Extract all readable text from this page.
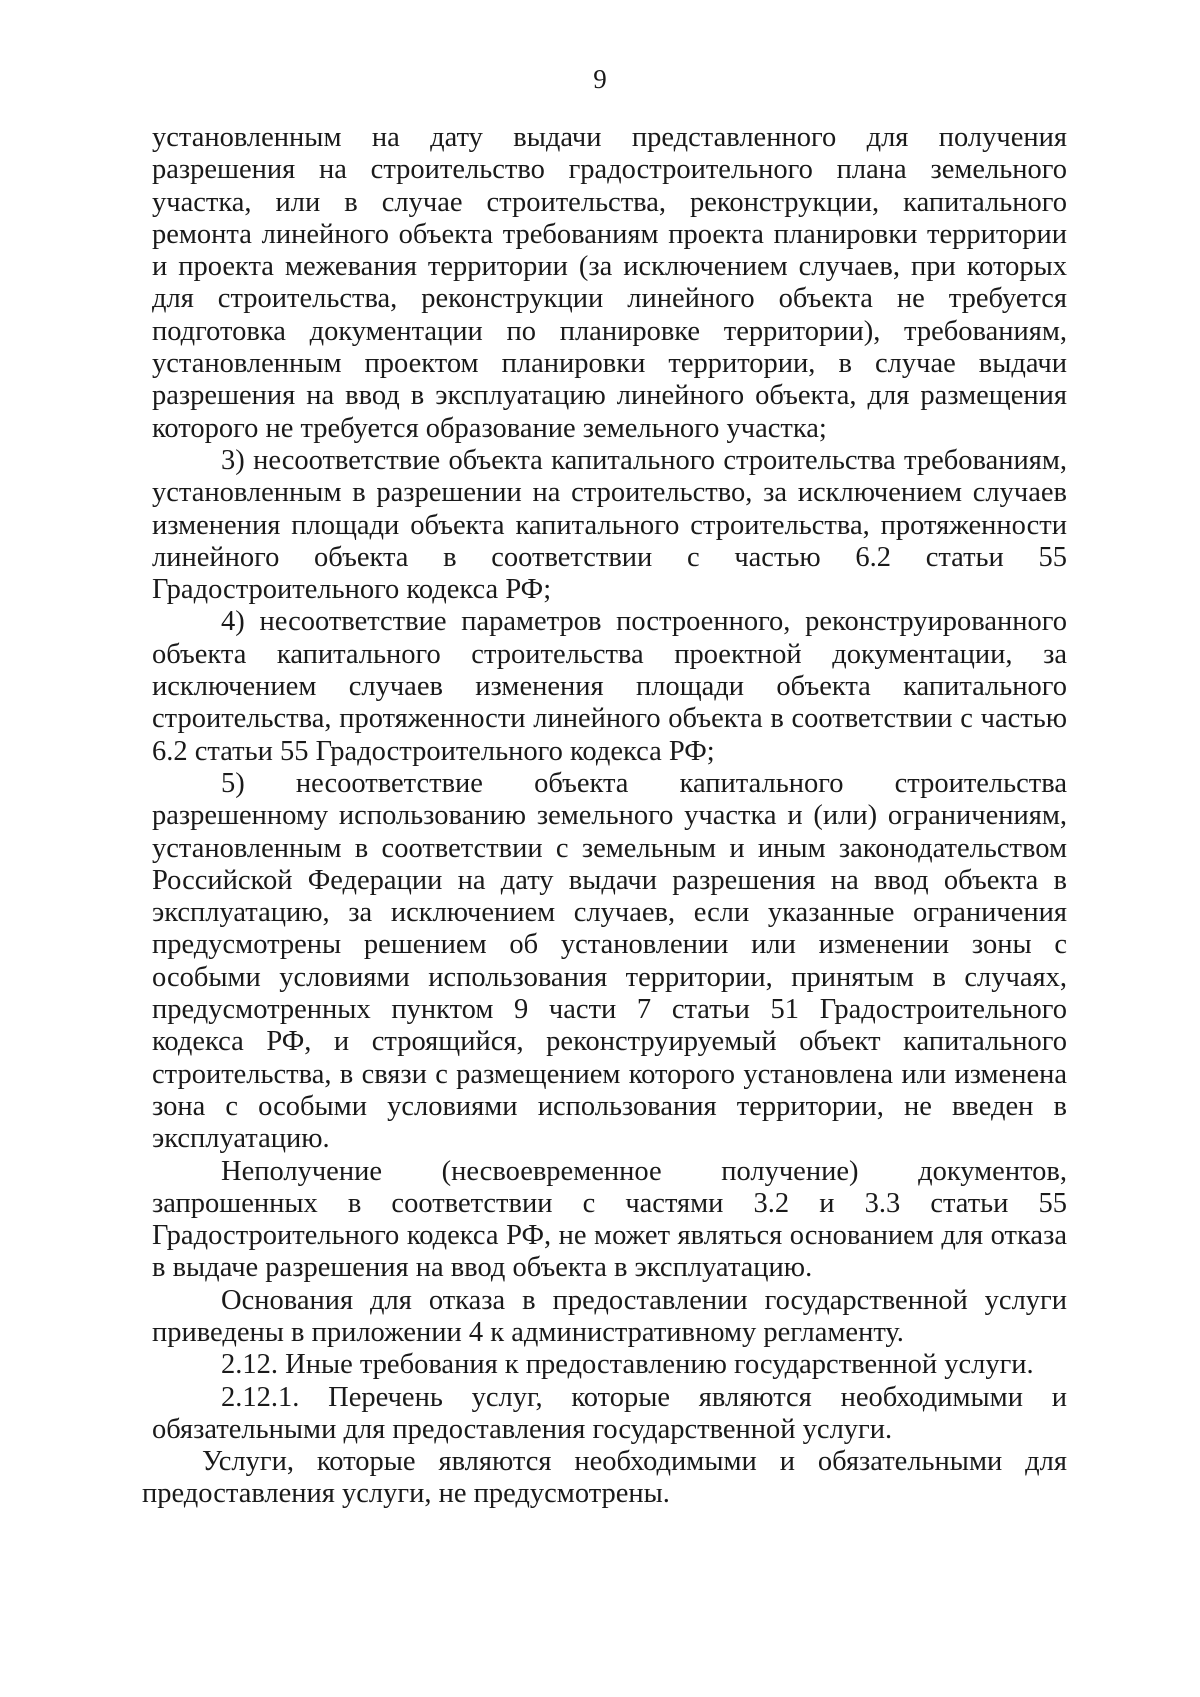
9

установленным на дату выдачи представленного для получения разрешения на строительство градостроительного плана земельного участка, или в случае строительства, реконструкции, капитального ремонта линейного объекта требованиям проекта планировки территории и проекта межевания территории (за исключением случаев, при которых для строительства, реконструкции линейного объекта не требуется подготовка документации по планировке территории), требованиям, установленным проектом планировки территории, в случае выдачи разрешения на ввод в эксплуатацию линейного объекта, для размещения которого не требуется образование земельного участка;

3) несоответствие объекта капитального строительства требованиям, установленным в разрешении на строительство, за исключением случаев изменения площади объекта капитального строительства, протяженности линейного объекта в соответствии с частью 6.2 статьи 55 Градостроительного кодекса РФ;

4) несоответствие параметров построенного, реконструированного объекта капитального строительства проектной документации, за исключением случаев изменения площади объекта капитального строительства, протяженности линейного объекта в соответствии с частью 6.2 статьи 55 Градостроительного кодекса РФ;

5) несоответствие объекта капитального строительства разрешенному использованию земельного участка и (или) ограничениям, установленным в соответствии с земельным и иным законодательством Российской Федерации на дату выдачи разрешения на ввод объекта в эксплуатацию, за исключением случаев, если указанные ограничения предусмотрены решением об установлении или изменении зоны с особыми условиями использования территории, принятым в случаях, предусмотренных пунктом 9 части 7 статьи 51 Градостроительного кодекса РФ, и строящийся, реконструируемый объект капитального строительства, в связи с размещением которого установлена или изменена зона с особыми условиями использования территории, не введен в эксплуатацию.

Неполучение (несвоевременное получение) документов, запрошенных в соответствии с частями 3.2 и 3.3 статьи 55 Градостроительного кодекса РФ, не может являться основанием для отказа в выдаче разрешения на ввод объекта в эксплуатацию.

Основания для отказа в предоставлении государственной услуги приведены в приложении 4 к административному регламенту.

2.12. Иные требования к предоставлению государственной услуги.

2.12.1. Перечень услуг, которые являются необходимыми и обязательными для предоставления государственной услуги.

Услуги, которые являются необходимыми и обязательными для предоставления услуги, не предусмотрены.
